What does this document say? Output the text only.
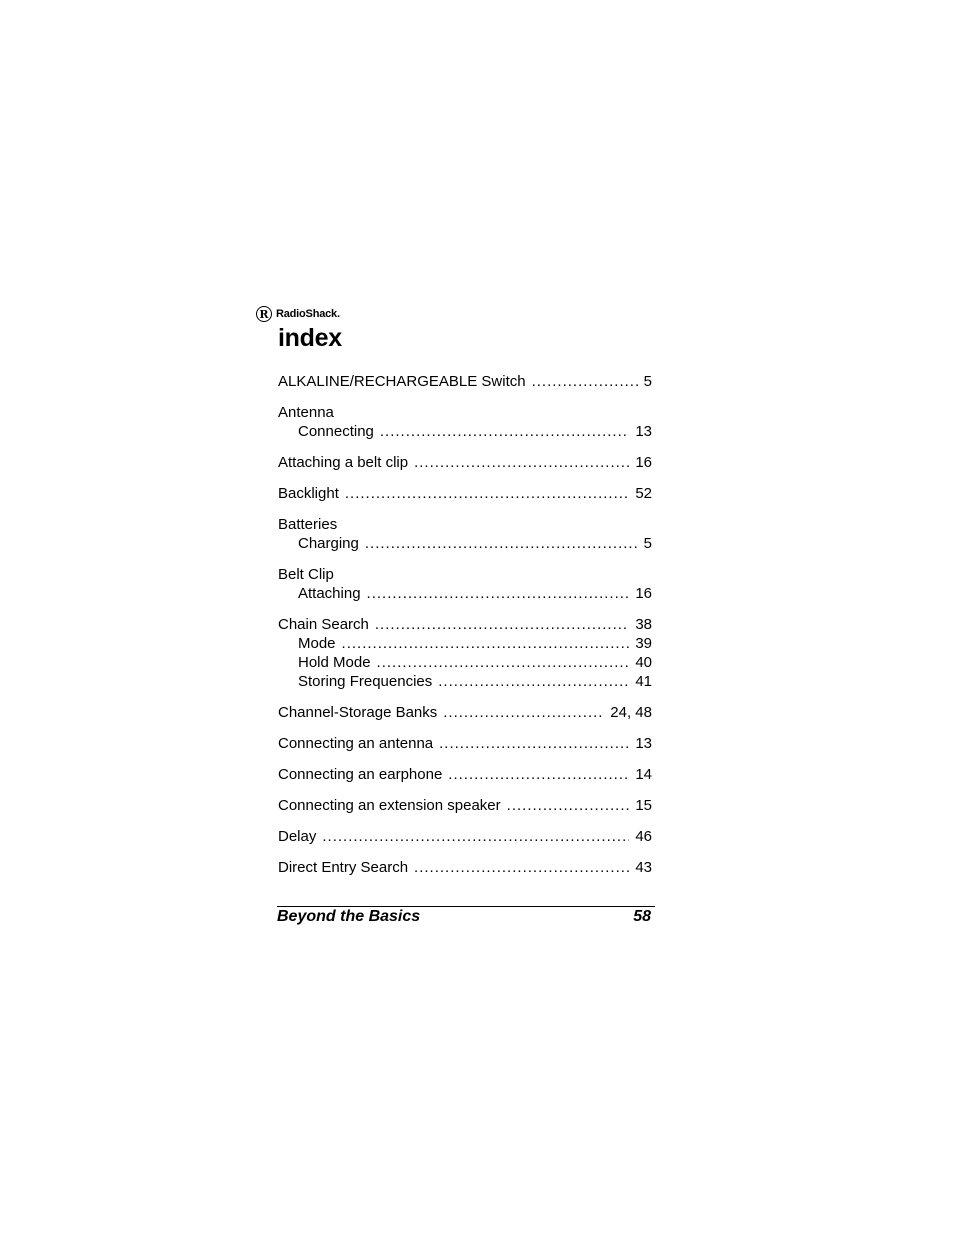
R RadioShack.
index
ALKALINE/RECHARGEABLE Switch .....	5
Antenna
Connecting .....	13
Attaching a belt clip .....	16
Backlight .....	52
Batteries
Charging .....	5
Belt Clip
Attaching .....	16
Chain Search .....	38
Mode .....	39
Hold Mode .....	40
Storing Frequencies .....	41
Channel-Storage Banks .....	24, 48
Connecting an antenna .....	13
Connecting an earphone .....	14
Connecting an extension speaker .....	15
Delay .....	46
Direct Entry Search .....	43
Beyond the Basics	58
